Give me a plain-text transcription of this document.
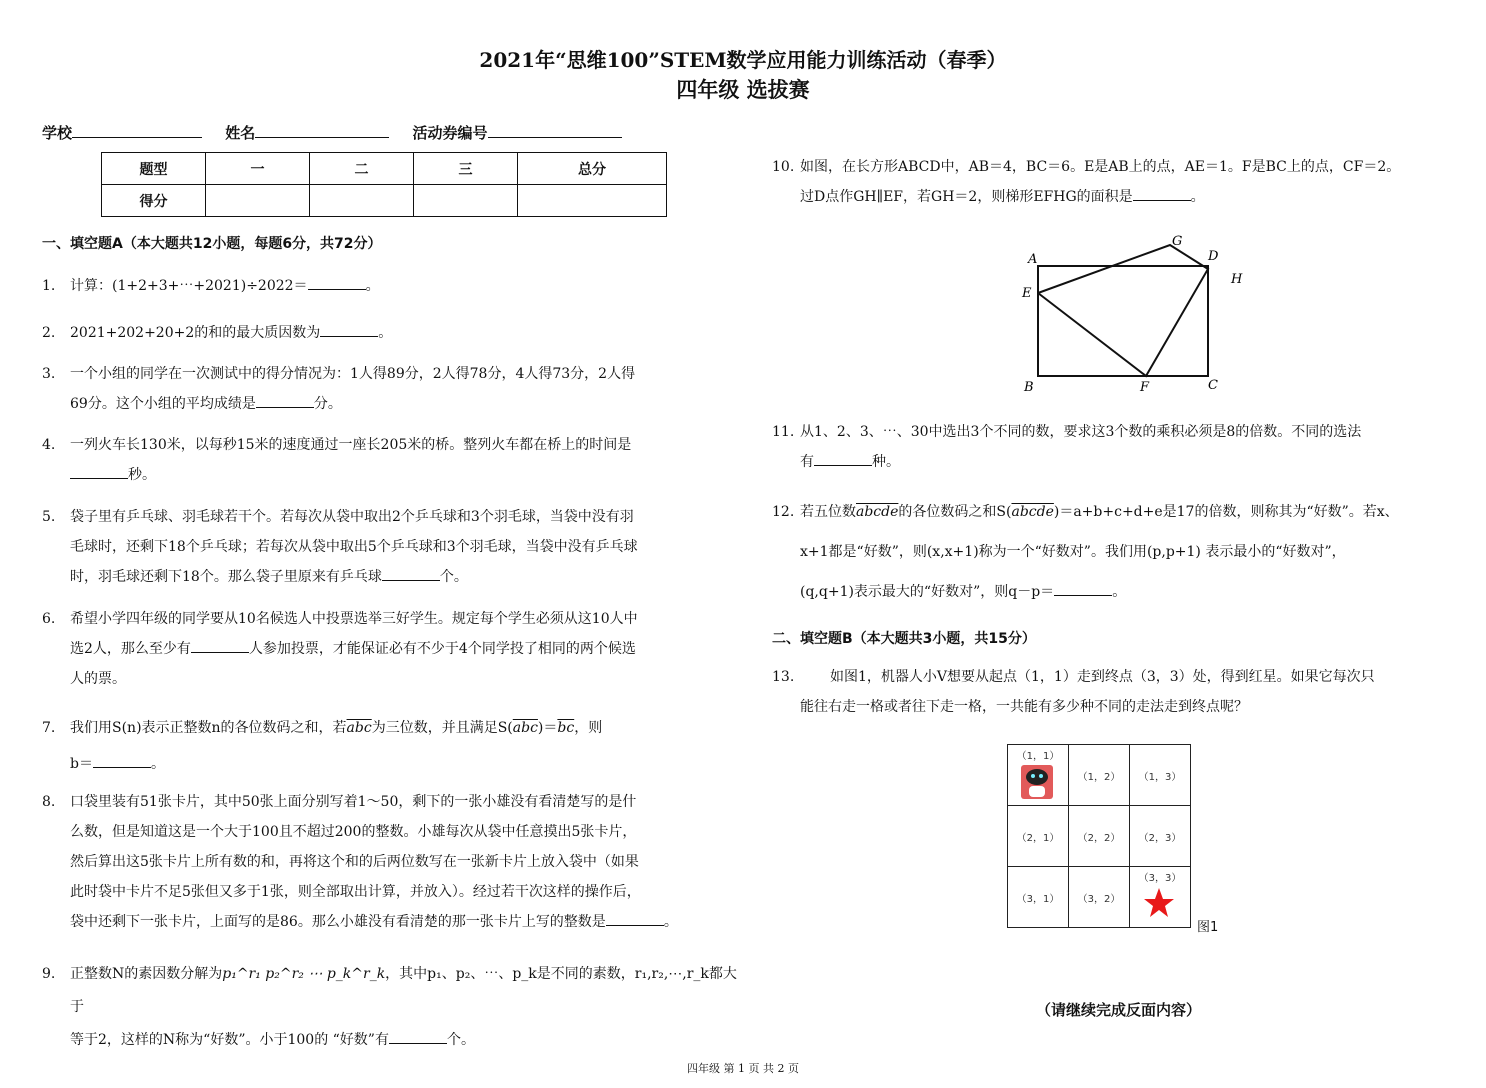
2021年“思维100”STEM数学应用能力训练活动（春季）
四年级 选拔赛
学校	姓名	活动券编号
题型	一	二	三	总分
得分				
一、填空题A（本大题共12小题，每题6分，共72分）
1. 计算：(1+2+3+⋯+2021)÷2022＝	。
2. 2021+202+20+2的和的最大质因数为	。
3. 一个小组的同学在一次测试中的得分情况为：1人得89分，2人得78分，4人得73分，2人得
69分。这个小组的平均成绩是	分。
4. 一列火车长130米，以每秒15米的速度通过一座长205米的桥。整列火车都在桥上的时间是
秒。
5. 袋子里有乒乓球、羽毛球若干个。若每次从袋中取出2个乒乓球和3个羽毛球，当袋中没有羽
毛球时，还剩下18个乒乓球；若每次从袋中取出5个乒乓球和3个羽毛球，当袋中没有乒乓球
时，羽毛球还剩下18个。那么袋子里原来有乒乓球	个。
6. 希望小学四年级的同学要从10名候选人中投票选举三好学生。规定每个学生必须从这10人中
选2人，那么至少有	人参加投票，才能保证必有不少于4个同学投了相同的两个候选
人的票。
7. 我们用S(n)表示正整数n的各位数码之和，若$\overline{abc}$为三位数，并且满足$S(\overline{abc})=\overline{bc}$，则
b＝	。
8. 口袋里装有51张卡片，其中50张上面分别写着1～50，剩下的一张小雄没有看清楚写的是什
么数，但是知道这是一个大于100且不超过200的整数。小雄每次从袋中任意摸出5张卡片，
然后算出这5张卡片上所有数的和，再将这个和的后两位数写在一张新卡片上放入袋中（如果
此时袋中卡片不足5张但又多于1张，则全部取出计算，并放入）。经过若干次这样的操作后，
袋中还剩下一张卡片，上面写的是86。那么小雄没有看清楚的那一张卡片上写的整数是	。
9. 正整数N的素因数分解为p₁^r₁ p₂^r₂ ⋯ p_k^r_k，其中p₁、p₂、⋯、p_k是不同的素数，r₁,r₂,⋯,r_k都大于
等于2，这样的N称为“好数”。小于100的 “好数”有	个。
10. 如图，在长方形ABCD中，AB＝4，BC＝6。E是AB上的点，AE＝1。F是BC上的点，CF＝2。
过D点作GH∥EF，若GH＝2，则梯形EFHG的面积是	。
A	D
G
H
E
B	F	C
11. 从1、2、3、⋯、30中选出3个不同的数，要求这3个数的乘积必须是8的倍数。不同的选法
有	种。
12. 若五位数abcde的各位数码之和S(abcde)＝a+b+c+d+e是17的倍数，则称其为“好数”。若x、
x+1都是“好数”，则(x,x+1)称为一个“好数对”。我们用(p,p+1) 表示最小的“好数对”，
(q,q+1)表示最大的“好数对”，则q－p＝	。
二、填空题B（本大题共3小题，共15分）
13.	如图1，机器人小V想要从起点（1，1）走到终点（3，3）处，得到红星。如果它每次只
能往右走一格或者往下走一格，一共能有多少种不同的走法走到终点呢？
（1，1）	（1，2）	（1，3）
（2，1）	（2，2）	（2，3）
（3，1）	（3，2）	（3，3）
图1
（请继续完成反面内容）
四年级 第 1 页 共 2 页
